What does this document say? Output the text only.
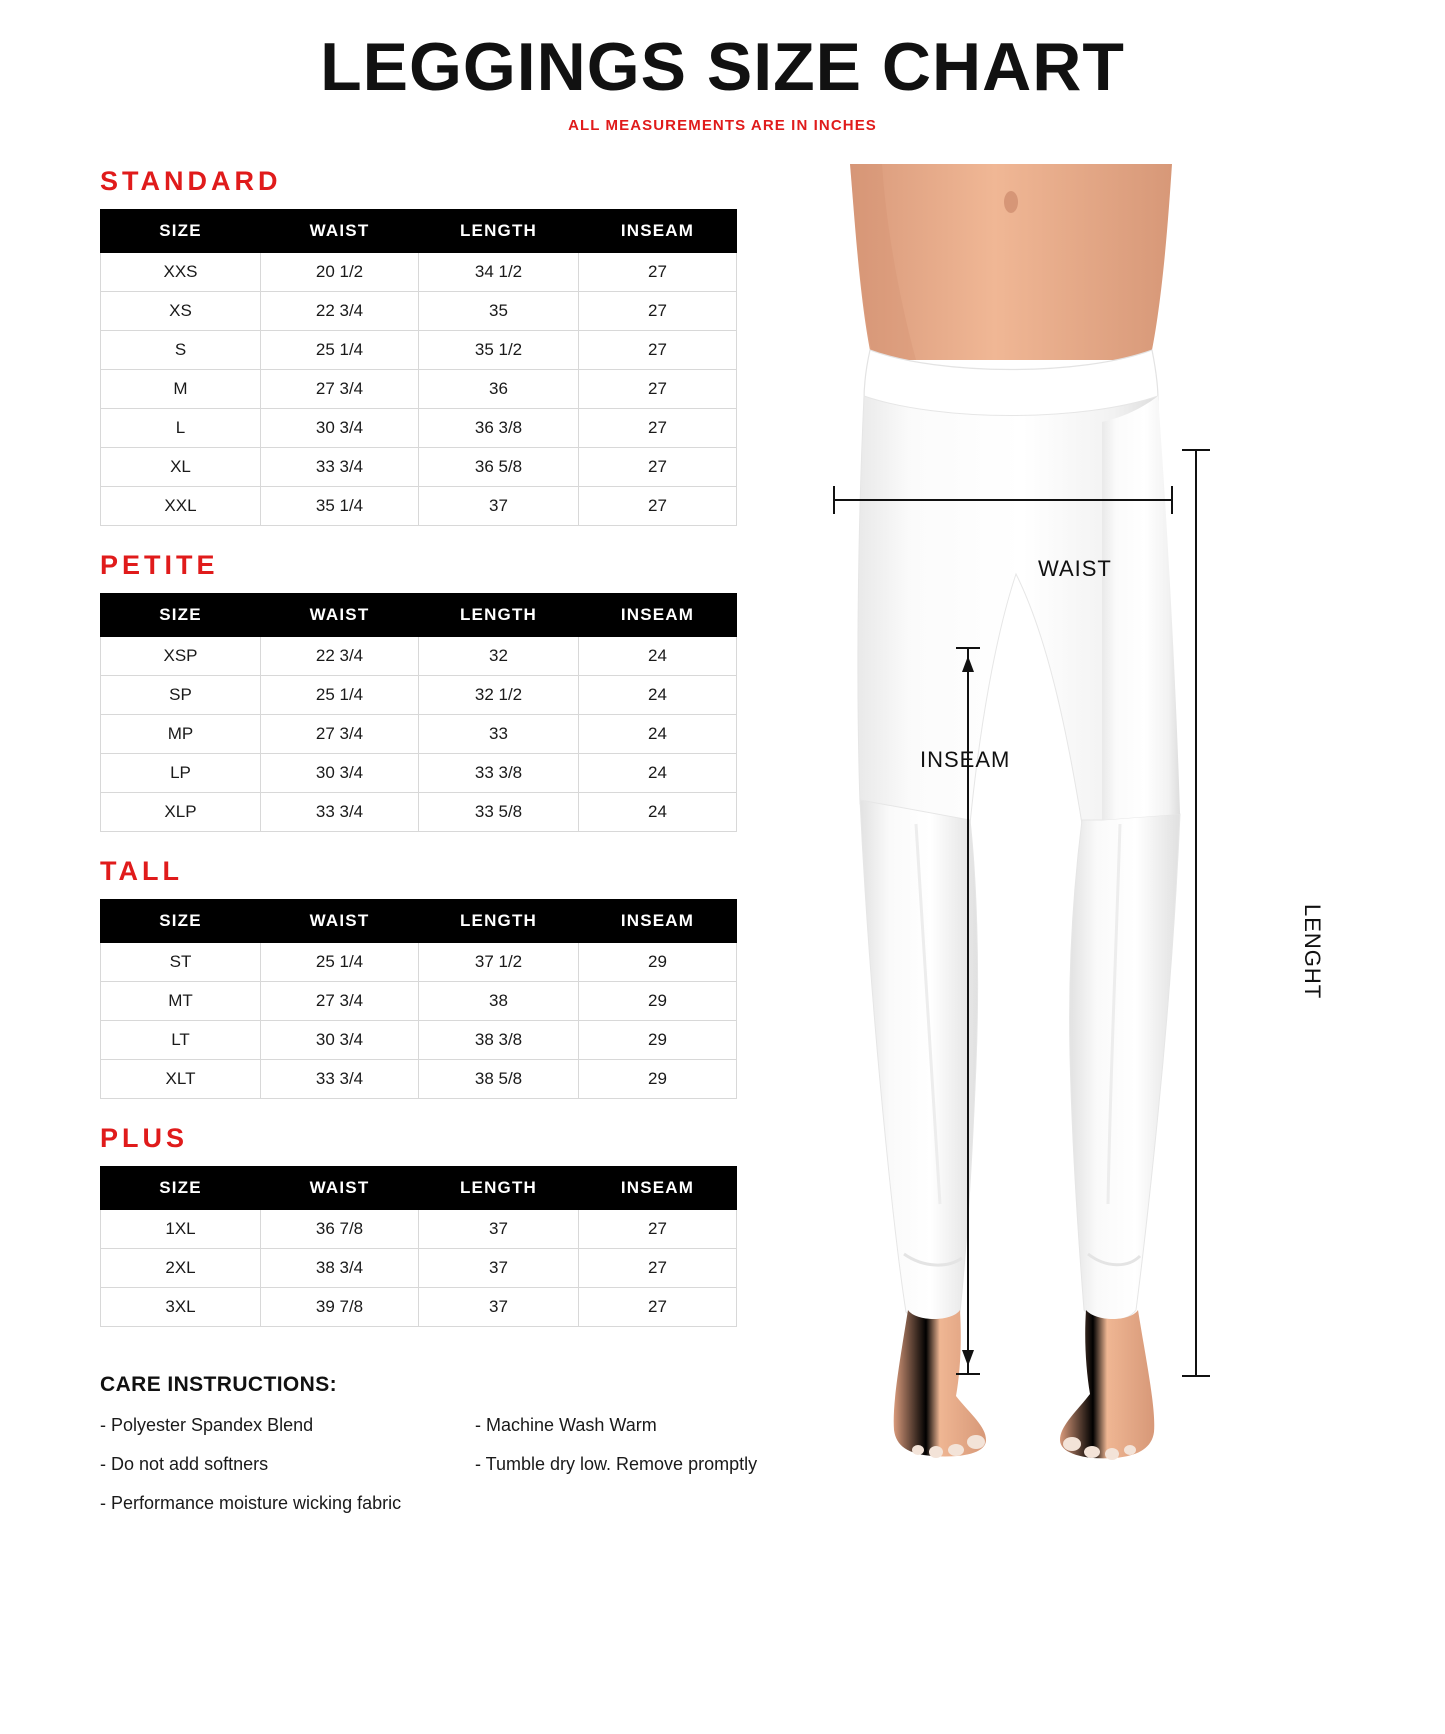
LEGGINGS SIZE CHART
ALL MEASUREMENTS ARE IN INCHES
STANDARD
SIZE	WAIST	LENGTH	INSEAM
XXS	20 1/2	34 1/2	27
XS	22 3/4	35	27
S	25 1/4	35 1/2	27
M	27 3/4	36	27
L	30 3/4	36 3/8	27
XL	33 3/4	36 5/8	27
XXL	35 1/4	37	27
PETITE
SIZE	WAIST	LENGTH	INSEAM
XSP	22 3/4	32	24
SP	25 1/4	32 1/2	24
MP	27 3/4	33	24
LP	30 3/4	33 3/8	24
XLP	33 3/4	33 5/8	24
TALL
SIZE	WAIST	LENGTH	INSEAM
ST	25 1/4	37 1/2	29
MT	27 3/4	38	29
LT	30 3/4	38 3/8	29
XLT	33 3/4	38 5/8	29
PLUS
SIZE	WAIST	LENGTH	INSEAM
1XL	36 7/8	37	27
2XL	38 3/4	37	27
3XL	39 7/8	37	27
CARE INSTRUCTIONS:
- Polyester Spandex Blend
- Do not add softners
- Performance moisture wicking fabric
- Machine Wash Warm
- Tumble dry low. Remove promptly
WAIST
INSEAM
LENGHT
